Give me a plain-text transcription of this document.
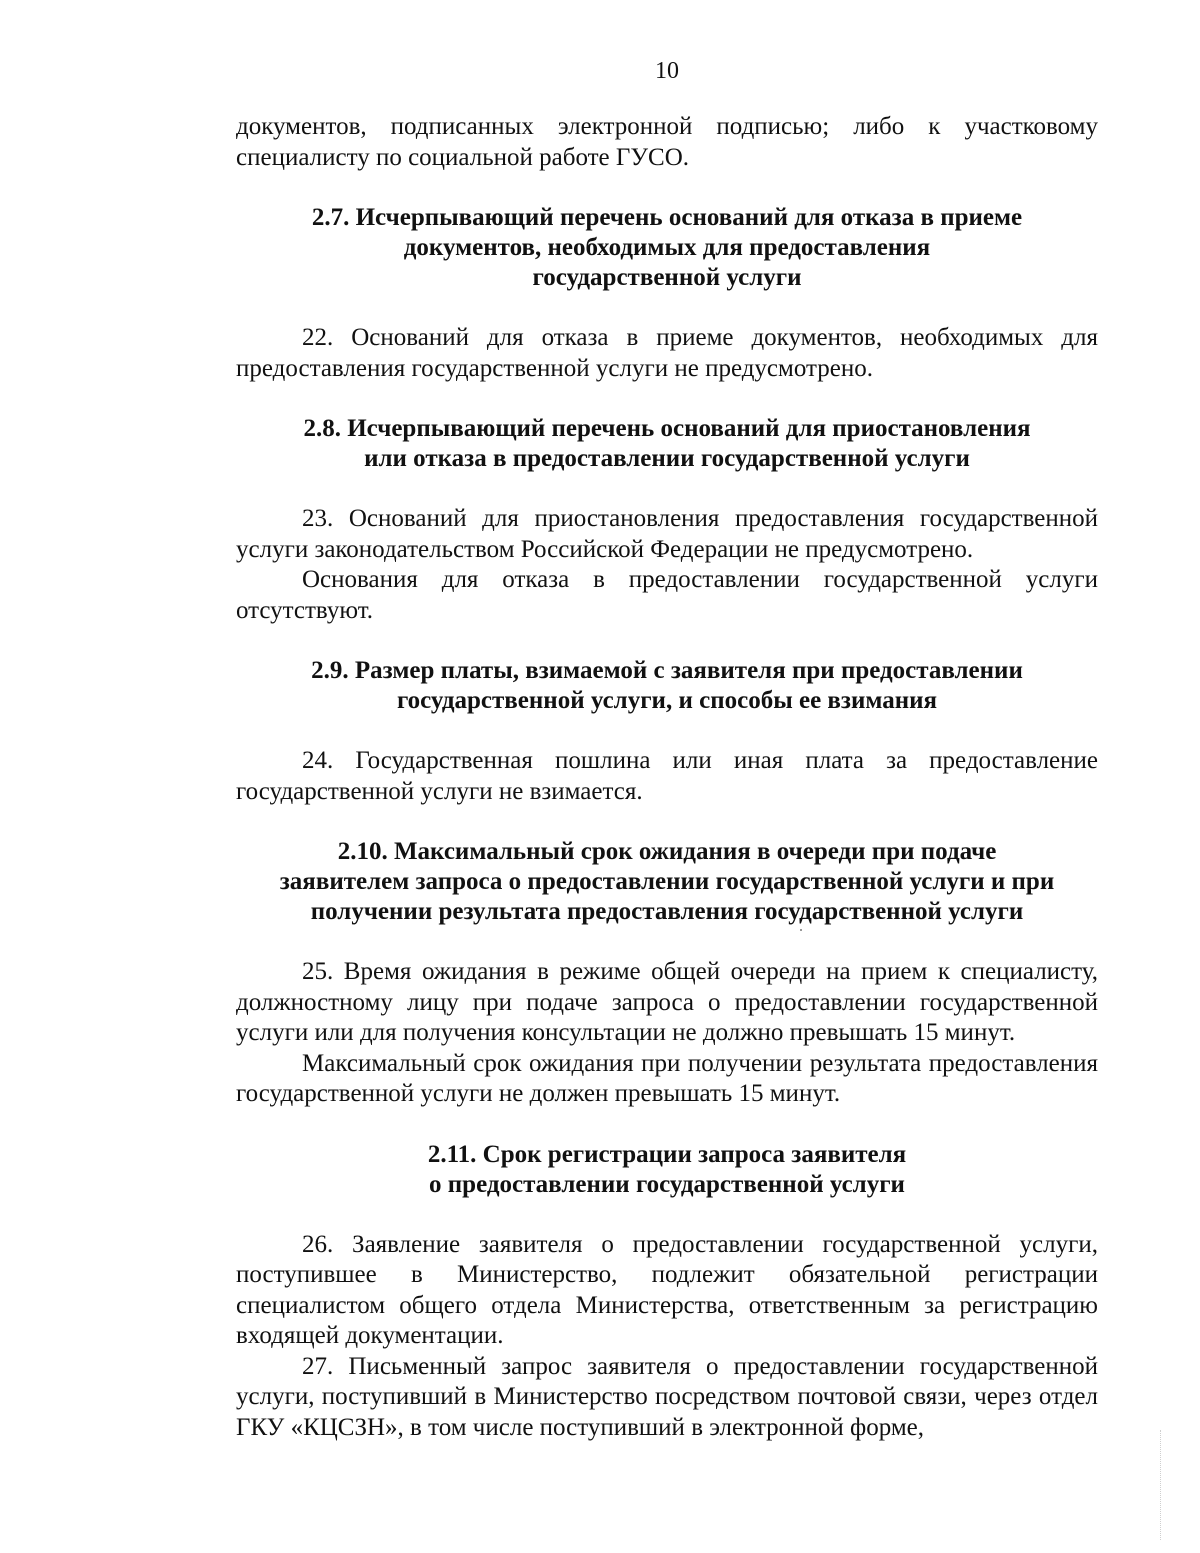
10

документов, подписанных электронной подписью; либо к участковому специалисту по социальной работе ГУСО.

2.7. Исчерпывающий перечень оснований для отказа в приеме
документов, необходимых для предоставления
государственной услуги

22. Оснований для отказа в приеме документов, необходимых для предоставления государственной услуги не предусмотрено.

2.8. Исчерпывающий перечень оснований для приостановления
или отказа в предоставлении государственной услуги

23. Оснований для приостановления предоставления государственной услуги законодательством Российской Федерации не предусмотрено.

Основания для отказа в предоставлении государственной услуги отсутствуют.

2.9. Размер платы, взимаемой с заявителя при предоставлении
государственной услуги, и способы ее взимания

24. Государственная пошлина или иная плата за предоставление государственной услуги не взимается.

2.10. Максимальный срок ожидания в очереди при подаче
заявителем запроса о предоставлении государственной услуги и при
получении результата предоставления государственной услуги

25. Время ожидания в режиме общей очереди на прием к специалисту, должностному лицу при подаче запроса о предоставлении государственной услуги или для получения консультации не должно превышать 15 минут.

Максимальный срок ожидания при получении результата предоставления государственной услуги не должен превышать 15 минут.

2.11. Срок регистрации запроса заявителя
о предоставлении государственной услуги

26. Заявление заявителя о предоставлении государственной услуги, поступившее в Министерство, подлежит обязательной регистрации специалистом общего отдела Министерства, ответственным за регистрацию входящей документации.

27. Письменный запрос заявителя о предоставлении государственной услуги, поступивший в Министерство посредством почтовой связи, через отдел ГКУ «КЦСЗН», в том числе поступивший в электронной форме,
